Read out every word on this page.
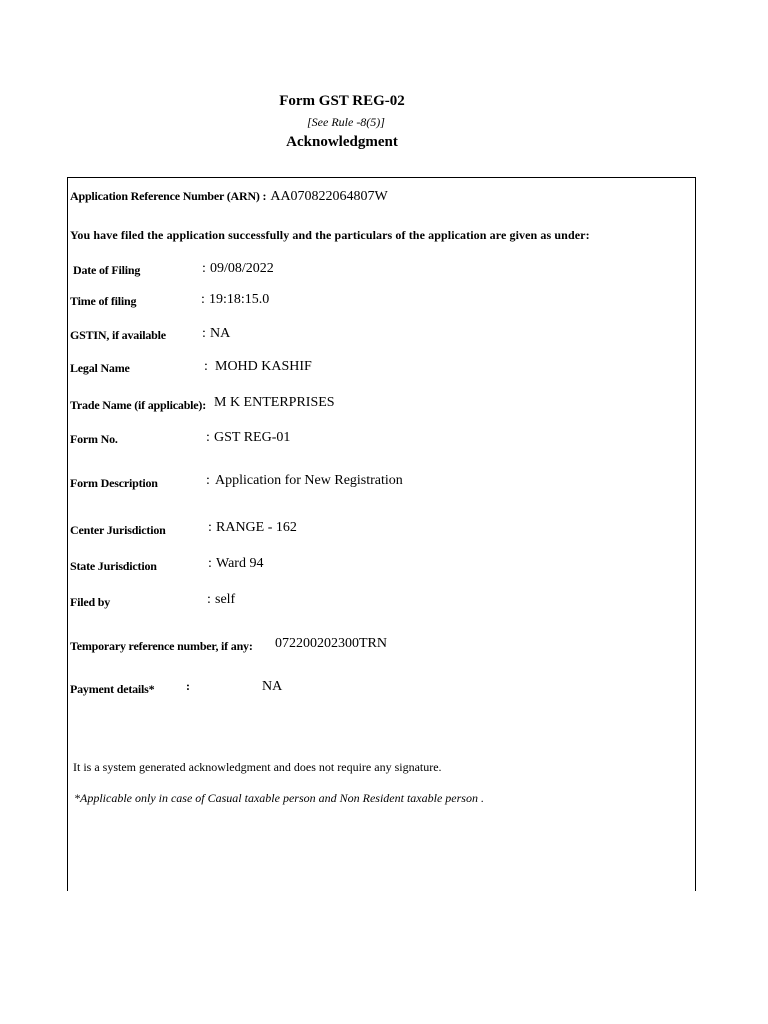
Form GST REG-02
[See Rule -8(5)]
Acknowledgment
Application Reference Number (ARN) : AA070822064807W
You have filed the application successfully and the particulars of the application are given as under:
Date of Filing	: 09/08/2022
Time of filing	: 19:18:15.0
GSTIN, if available	: NA
Legal Name	: MOHD KASHIF
Trade Name (if applicable): M K ENTERPRISES
Form No.	: GST REG-01
Form Description	: Application for New Registration
Center Jurisdiction	: RANGE - 162
State Jurisdiction	: Ward 94
Filed by	: self
Temporary reference number, if any: 072200202300TRN
Payment details*	:	NA
It is a system generated acknowledgment and does not require any signature.
*Applicable only in case of Casual taxable person and Non Resident taxable person .
